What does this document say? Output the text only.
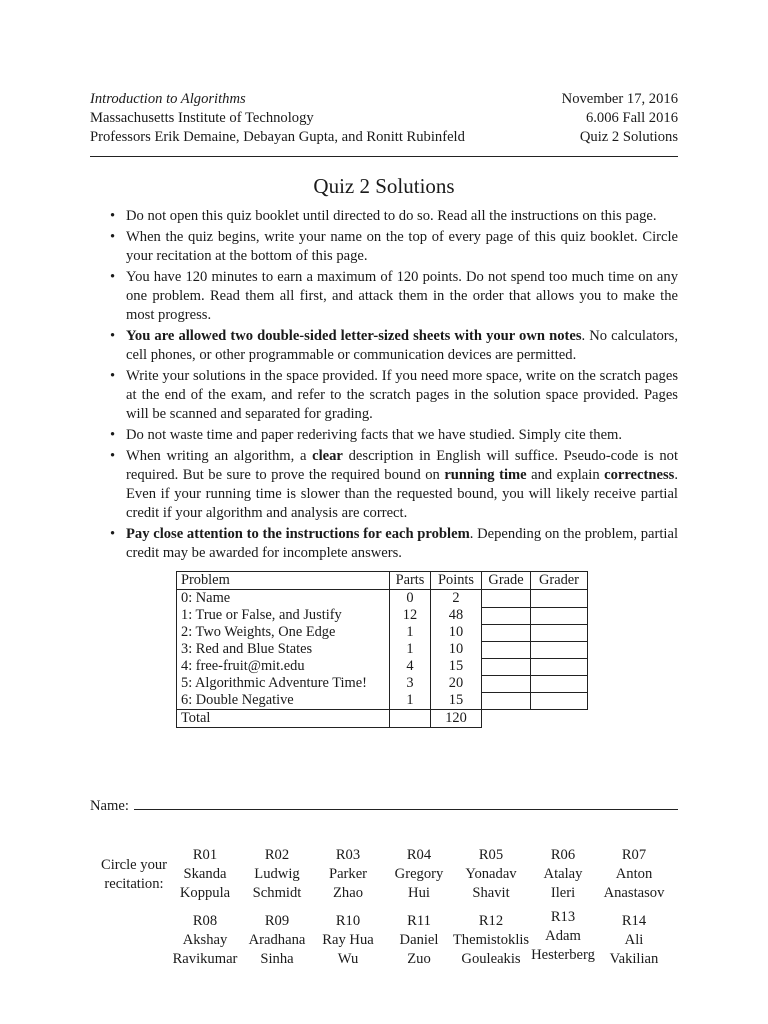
Introduction to Algorithms	November 17, 2016
Massachusetts Institute of Technology	6.006 Fall 2016
Professors Erik Demaine, Debayan Gupta, and Ronitt Rubinfeld	Quiz 2 Solutions
Quiz 2 Solutions
• Do not open this quiz booklet until directed to do so. Read all the instructions on this page.
• When the quiz begins, write your name on the top of every page of this quiz booklet. Circle your recitation at the bottom of this page.
• You have 120 minutes to earn a maximum of 120 points. Do not spend too much time on any one problem. Read them all first, and attack them in the order that allows you to make the most progress.
• You are allowed two double-sided letter-sized sheets with your own notes. No calculators, cell phones, or other programmable or communication devices are permitted.
• Write your solutions in the space provided. If you need more space, write on the scratch pages at the end of the exam, and refer to the scratch pages in the solution space provided. Pages will be scanned and separated for grading.
• Do not waste time and paper rederiving facts that we have studied. Simply cite them.
• When writing an algorithm, a clear description in English will suffice. Pseudo-code is not required. But be sure to prove the required bound on running time and explain correctness. Even if your running time is slower than the requested bound, you will likely receive partial credit if your algorithm and analysis are correct.
• Pay close attention to the instructions for each problem. Depending on the problem, partial credit may be awarded for incomplete answers.
Problem	Parts	Points	Grade	Grader
0: Name	0	2		
1: True or False, and Justify	12	48		
2: Two Weights, One Edge	1	10		
3: Red and Blue States	1	10		
4: free-fruit@mit.edu	4	15		
5: Algorithmic Adventure Time!	3	20		
6: Double Negative	1	15		
Total		120		
Name:
Circle your
recitation:
R01
Skanda
Koppula
R02
Ludwig
Schmidt
R03
Parker
Zhao
R04
Gregory
Hui
R05
Yonadav
Shavit
R06
Atalay
Ileri
R07
Anton
Anastasov
R08
Akshay
Ravikumar
R09
Aradhana
Sinha
R10
Ray Hua
Wu
R11
Daniel
Zuo
R12
Themistoklis
Gouleakis
R13
Adam
Hesterberg
R14
Ali
Vakilian
